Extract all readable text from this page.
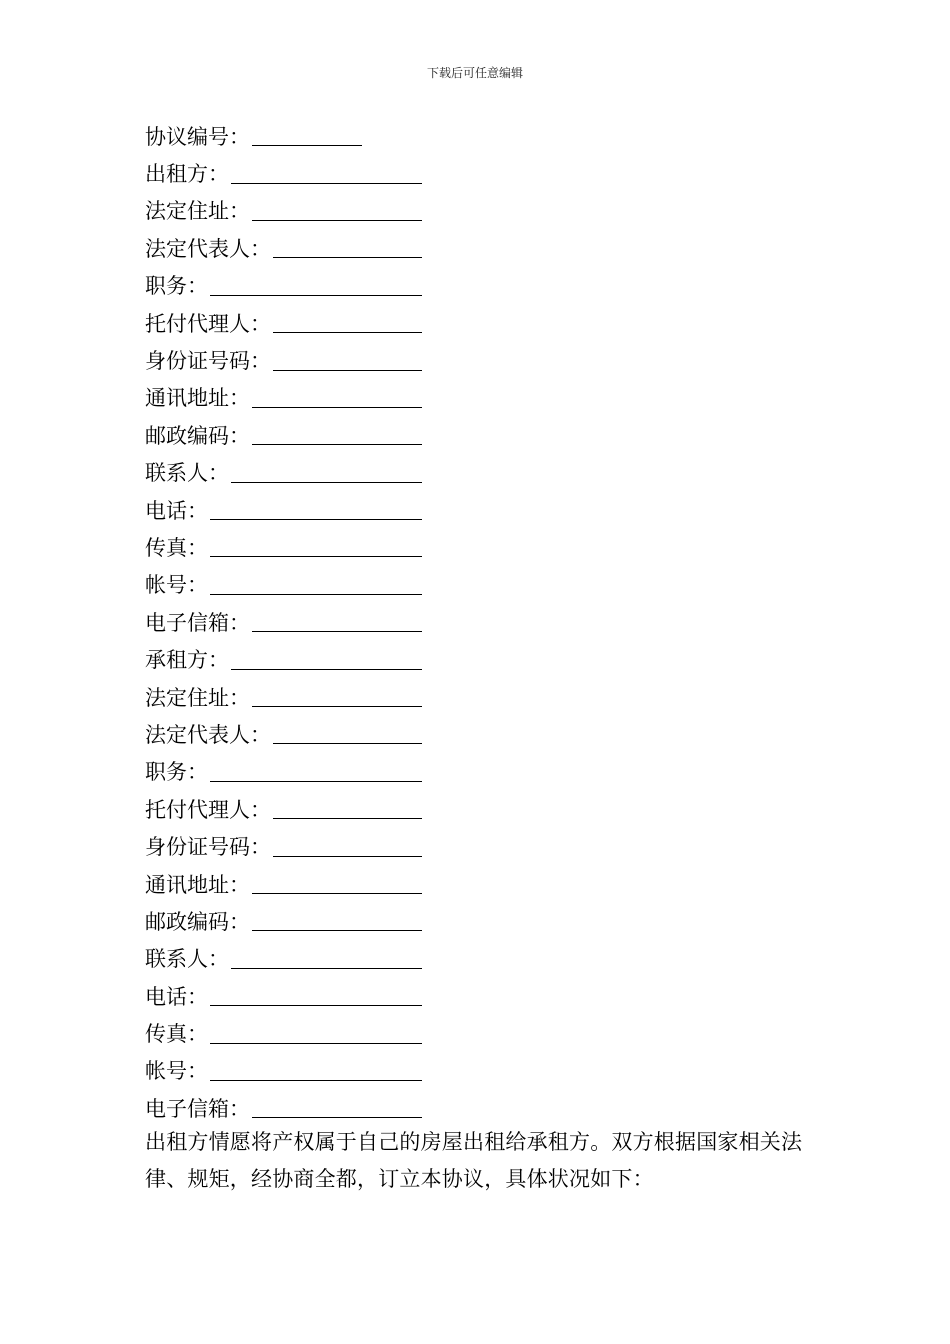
下载后可任意编辑
协议编号：
出租方：
法定住址：
法定代表人：
职务：
托付代理人：
身份证号码：
通讯地址：
邮政编码：
联系人：
电话：
传真：
帐号：
电子信箱：
承租方：
法定住址：
法定代表人：
职务：
托付代理人：
身份证号码：
通讯地址：
邮政编码：
联系人：
电话：
传真：
帐号：
电子信箱：
出租方情愿将产权属于自己的房屋出租给承租方。双方根据国家相关法律、规矩，经协商全都，订立本协议，具体状况如下：
